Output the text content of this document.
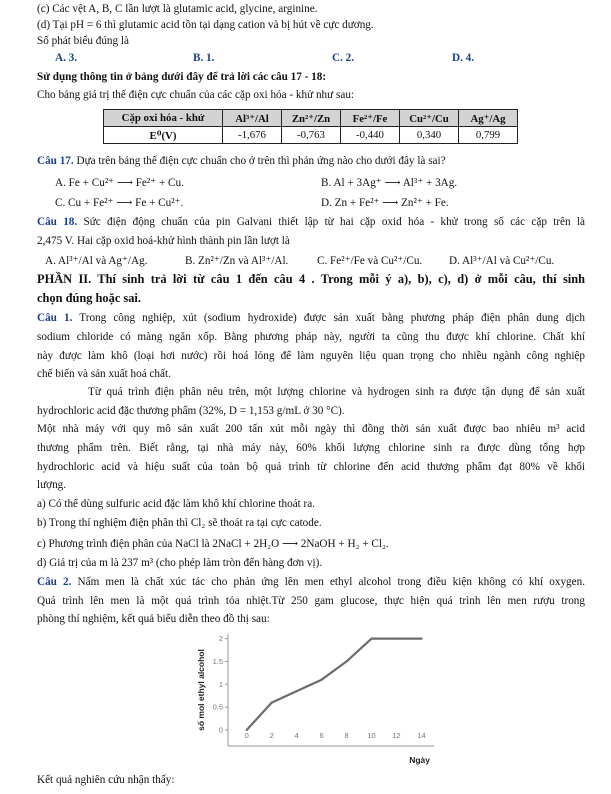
(c) Các vệt A, B, C lần lượt là glutamic acid, glycine, arginine.
(d) Tại pH = 6 thì glutamic acid tồn tại dạng cation và bị hút về cực dương.
Số phát biểu đúng là
A. 3.	B. 1.	C. 2.	D. 4.
Sử dụng thông tin ở bảng dưới đây để trả lời các câu 17 - 18:
Cho bảng giá trị thế điện cực chuẩn của các cặp oxi hóa - khử như sau:
Cặp oxi hóa - khử	Al³⁺/Al	Zn²⁺/Zn	Fe²⁺/Fe	Cu²⁺/Cu	Ag⁺/Ag
E⁰(V)	-1,676	-0,763	-0,440	0,340	0,799
Câu 17. Dựa trên bảng thế điện cực chuẩn cho ở trên thì phản ứng nào cho dưới đây là sai?
A. Fe + Cu²⁺ ⟶ Fe²⁺ + Cu.	B. Al + 3Ag⁺ ⟶ Al³⁺ + 3Ag.
C. Cu + Fe²⁺ ⟶ Fe + Cu²⁺.	D. Zn + Fe²⁺ ⟶ Zn²⁺ + Fe.
Câu 18. Sức điện động chuẩn của pin Galvani thiết lập từ hai cặp oxid hóa - khử trong số các cặp trên là
2,475 V. Hai cặp oxid hoá-khử hình thành pin lần lượt là
A. Al³⁺/Al và Ag⁺/Ag.	B. Zn²⁺/Zn và Al³⁺/Al.	C. Fe²⁺/Fe và Cu²⁺/Cu. D. Al³⁺/Al và Cu²⁺/Cu.
PHẦN II. Thí sinh trả lời từ câu 1 đến câu 4 . Trong mỗi ý a), b), c), d) ở mỗi câu, thí sinh
chọn đúng hoặc sai.
Câu 1. Trong công nghiệp, xút (sodium hydroxide) được sản xuất bằng phương pháp điện phân dung dịch
sodium chloride có màng ngăn xốp. Bằng phương pháp này, người ta cũng thu được khí chlorine. Chất khí
này được làm khô (loại hơi nước) rồi hoá lỏng để làm nguyên liệu quan trọng cho nhiều ngành công nghiệp
chế biến và sản xuất hoá chất.
Từ quá trình điện phân nêu trên, một lượng chlorine và hydrogen sinh ra được tận dụng để sản xuất
hydrochloric acid đặc thương phẩm (32%, D = 1,153 g/mL ở 30 °C).
Một nhà máy với quy mô sản xuất 200 tấn xút mỗi ngày thì đồng thời sản xuất được bao nhiêu m³ acid
thương phẩm trên. Biết rằng, tại nhà máy này, 60% khối lượng chlorine sinh ra được dùng tổng hợp
hydrochloric acid và hiệu suất của toàn bộ quá trình từ chlorine đến acid thương phẩm đạt 80% về khối
lượng.
a) Có thể dùng sulfuric acid đặc làm khô khí chlorine thoát ra.
b) Trong thí nghiệm điện phân thì Cl₂ sẽ thoát ra tại cực catode.
c) Phương trình điện phân của NaCl là 2NaCl + 2H₂O ⟶ 2NaOH + H₂ + Cl₂.
d) Giá trị của m là 237 m³ (cho phép làm tròn đến hàng đơn vị).
Câu 2. Nấm men là chất xúc tác cho phản ứng lên men ethyl alcohol trong điều kiện không có khí oxygen.
Quá trình lên men là một quá trình tỏa nhiệt.Từ 250 gam glucose, thực hiện quá trình lên men rượu trong
phòng thí nghiệm, kết quả biểu diễn theo đồ thị sau:
0
0.5
1
1.5
2
0	2	4	6	8 10 12 14
số mol ethyl alcohol
Ngày
Kết quả nghiên cứu nhận thấy:
